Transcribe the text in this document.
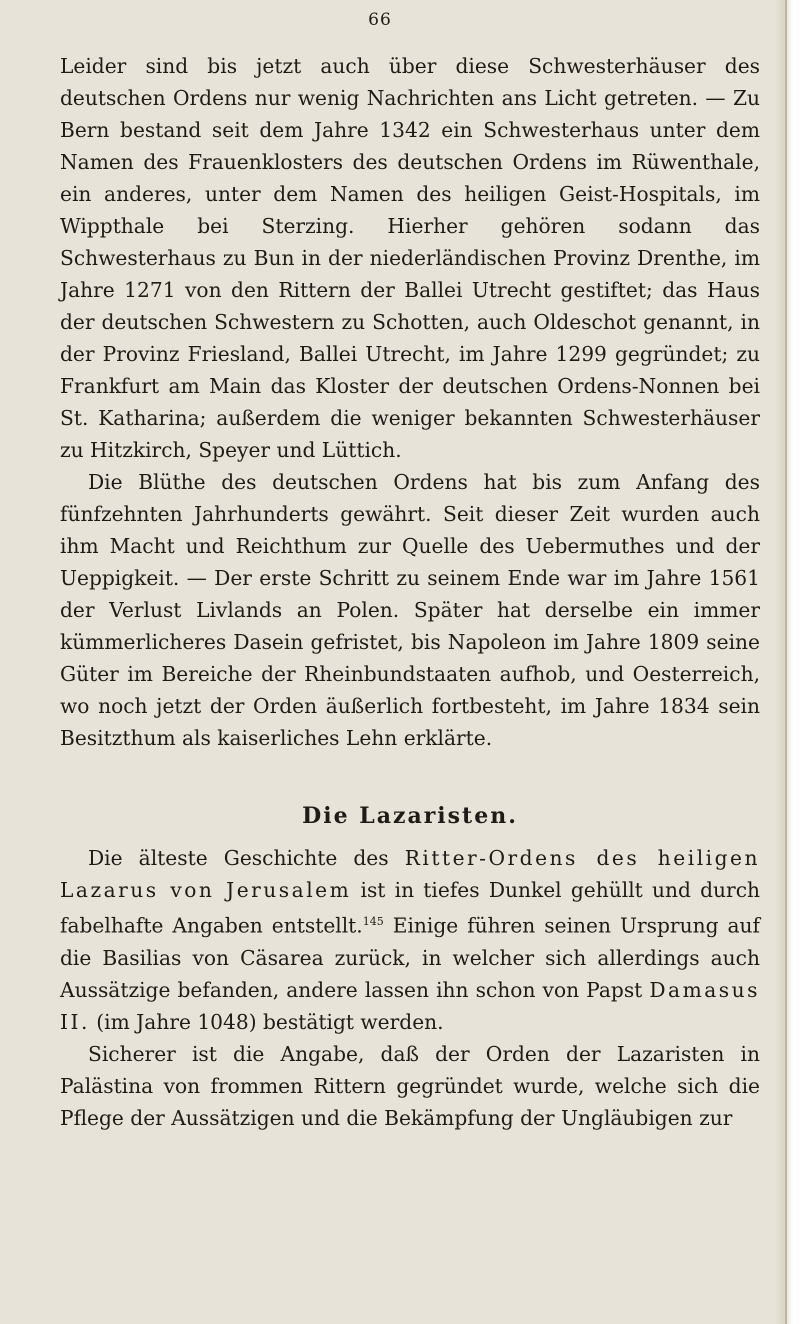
66

Leider sind bis jetzt auch über diese Schwesterhäuser des deutschen Ordens nur wenig Nachrichten ans Licht getreten. — Zu Bern bestand seit dem Jahre 1342 ein Schwesterhaus unter dem Namen des Frauenklosters des deutschen Ordens im Rüwenthale, ein anderes, unter dem Namen des heiligen Geist-Hospitals, im Wippthale bei Sterzing. Hierher gehören sodann das Schwesterhaus zu Bun in der niederländischen Provinz Drenthe, im Jahre 1271 von den Rittern der Ballei Utrecht gestiftet; das Haus der deutschen Schwestern zu Schotten, auch Oldeschot genannt, in der Provinz Friesland, Ballei Utrecht, im Jahre 1299 gegründet; zu Frankfurt am Main das Kloster der deutschen Ordens-Nonnen bei St. Katharina; außerdem die weniger bekannten Schwesterhäuser zu Hitzkirch, Speyer und Lüttich.

Die Blüthe des deutschen Ordens hat bis zum Anfang des fünfzehnten Jahrhunderts gewährt. Seit dieser Zeit wurden auch ihm Macht und Reichthum zur Quelle des Uebermuthes und der Ueppigkeit. — Der erste Schritt zu seinem Ende war im Jahre 1561 der Verlust Livlands an Polen. Später hat derselbe ein immer kümmerlicheres Dasein gefristet, bis Napoleon im Jahre 1809 seine Güter im Bereiche der Rheinbundstaaten aufhob, und Oesterreich, wo noch jetzt der Orden äußerlich fortbesteht, im Jahre 1834 sein Besitzthum als kaiserliches Lehn erklärte.

Die Lazaristen.

Die älteste Geschichte des Ritter-Ordens des heiligen Lazarus von Jerusalem ist in tiefes Dunkel gehüllt und durch fabelhafte Angaben entstellt.$^{145}$ Einige führen seinen Ursprung auf die Basilias von Cäsarea zurück, in welcher sich allerdings auch Aussätzige befanden, andere lassen ihn schon von Papst Damasus II. (im Jahre 1048) bestätigt werden.

Sicherer ist die Angabe, daß der Orden der Lazaristen in Palästina von frommen Rittern gegründet wurde, welche sich die Pflege der Aussätzigen und die Bekämpfung der Ungläubigen zur
